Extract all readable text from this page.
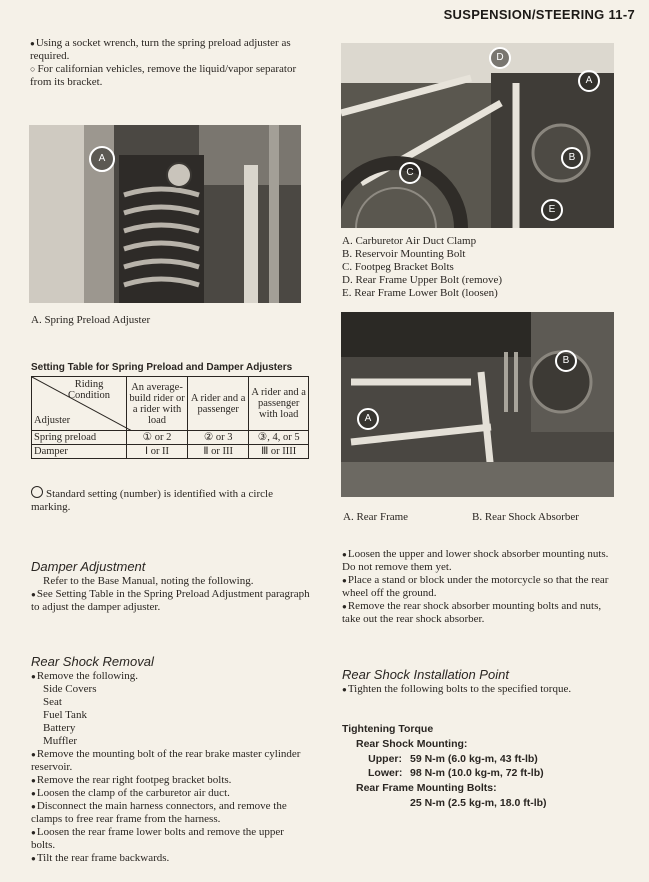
SUSPENSION/STEERING 11-7

● Using a socket wrench, turn the spring preload adjuster as required.

○ For californian vehicles, remove the liquid/vapor separator from its bracket.

A
A. Spring Preload Adjuster
Setting Table for Spring Preload and Damper Adjusters
Riding Condition
Adjuster	An average-build rider or a rider with load	A rider and a passenger	A rider and a passenger with load
Spring preload	① or 2	② or 3	③, 4, or 5
Damper	Ⅰ or II	Ⅱ or III	Ⅲ or IIII
Standard setting (number) is identified with a circle marking.
Damper Adjustment

Refer to the Base Manual, noting the following.

● See Setting Table in the Spring Preload Adjustment paragraph to adjust the damper adjuster.

Rear Shock Removal

● Remove the following.

Side Covers

Seat

Fuel Tank

Battery

Muffler

● Remove the mounting bolt of the rear brake master cylinder reservoir.

● Remove the rear right footpeg bracket bolts.

● Loosen the clamp of the carburetor air duct.

● Disconnect the main harness connectors, and remove the clamps to free rear frame from the harness.

● Loosen the rear frame lower bolts and remove the upper bolts.

● Tilt the rear frame backwards.

D
A
B
C
E

A. Carburetor Air Duct Clamp

B. Reservoir Mounting Bolt

C. Footpeg Bracket Bolts

D. Rear Frame Upper Bolt (remove)

E. Rear Frame Lower Bolt (loosen)

B
A
A. Rear Frame	B. Rear Shock Absorber

● Loosen the upper and lower shock absorber mounting nuts. Do not remove them yet.

● Place a stand or block under the motorcycle so that the rear wheel off the ground.

● Remove the rear shock absorber mounting bolts and nuts, take out the rear shock absorber.

Rear Shock Installation Point
● Tighten the following bolts to the specified torque.
Tightening Torque
Rear Shock Mounting:
Upper: 59 N-m (6.0 kg-m, 43 ft-lb)
Lower: 98 N-m (10.0 kg-m, 72 ft-lb)
Rear Frame Mounting Bolts:
25 N-m (2.5 kg-m, 18.0 ft-lb)
